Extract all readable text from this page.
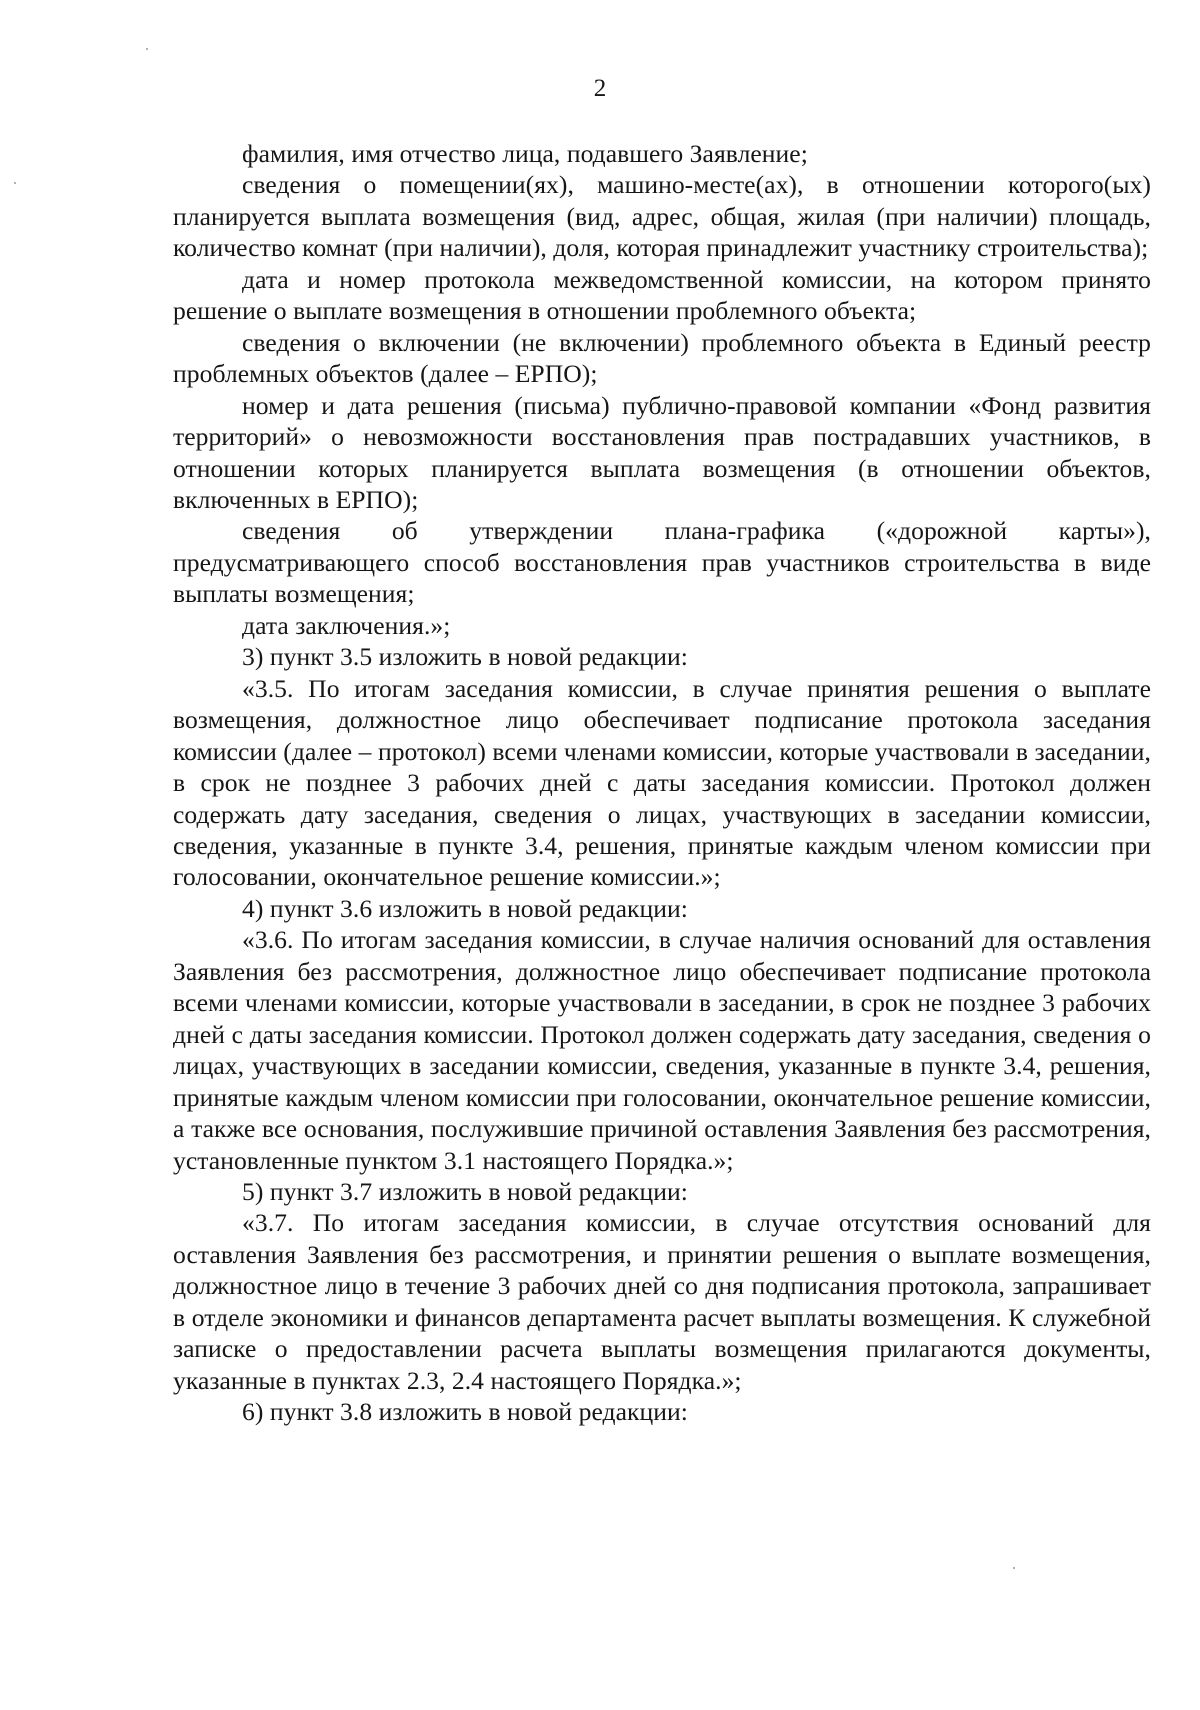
2

фамилия, имя отчество лица, подавшего Заявление;

сведения о помещении(ях), машино-месте(ах), в отношении которого(ых) планируется выплата возмещения (вид, адрес, общая, жилая (при наличии) площадь, количество комнат (при наличии), доля, которая принадлежит участнику строительства);

дата и номер протокола межведомственной комиссии, на котором принято решение о выплате возмещения в отношении проблемного объекта;

сведения о включении (не включении) проблемного объекта в Единый реестр проблемных объектов (далее – ЕРПО);

номер и дата решения (письма) публично-правовой компании «Фонд развития территорий» о невозможности восстановления прав пострадавших участников, в отношении которых планируется выплата возмещения (в отношении объектов, включенных в ЕРПО);

сведения об утверждении плана-графика («дорожной карты»), предусматривающего способ восстановления прав участников строительства в виде выплаты возмещения;

дата заключения.»;

3) пункт 3.5 изложить в новой редакции:

«3.5. По итогам заседания комиссии, в случае принятия решения о выплате возмещения, должностное лицо обеспечивает подписание протокола заседания комиссии (далее – протокол) всеми членами комиссии, которые участвовали в заседании, в срок не позднее 3 рабочих дней с даты заседания комиссии. Протокол должен содержать дату заседания, сведения о лицах, участвующих в заседании комиссии, сведения, указанные в пункте 3.4, решения, принятые каждым членом комиссии при голосовании, окончательное решение комиссии.»;

4) пункт 3.6 изложить в новой редакции:

«3.6. По итогам заседания комиссии, в случае наличия оснований для оставления Заявления без рассмотрения, должностное лицо обеспечивает подписание протокола всеми членами комиссии, которые участвовали в заседании, в срок не позднее 3 рабочих дней с даты заседания комиссии. Протокол должен содержать дату заседания, сведения о лицах, участвующих в заседании комиссии, сведения, указанные в пункте 3.4, решения, принятые каждым членом комиссии при голосовании, окончательное решение комиссии, а также все основания, послужившие причиной оставления Заявления без рассмотрения, установленные пунктом 3.1 настоящего Порядка.»;

5) пункт 3.7 изложить в новой редакции:

«3.7. По итогам заседания комиссии, в случае отсутствия оснований для оставления Заявления без рассмотрения, и принятии решения о выплате возмещения, должностное лицо в течение 3 рабочих дней со дня подписания протокола, запрашивает в отделе экономики и финансов департамента расчет выплаты возмещения. К служебной записке о предоставлении расчета выплаты возмещения прилагаются документы, указанные в пунктах 2.3, 2.4 настоящего Порядка.»;

6) пункт 3.8 изложить в новой редакции:
